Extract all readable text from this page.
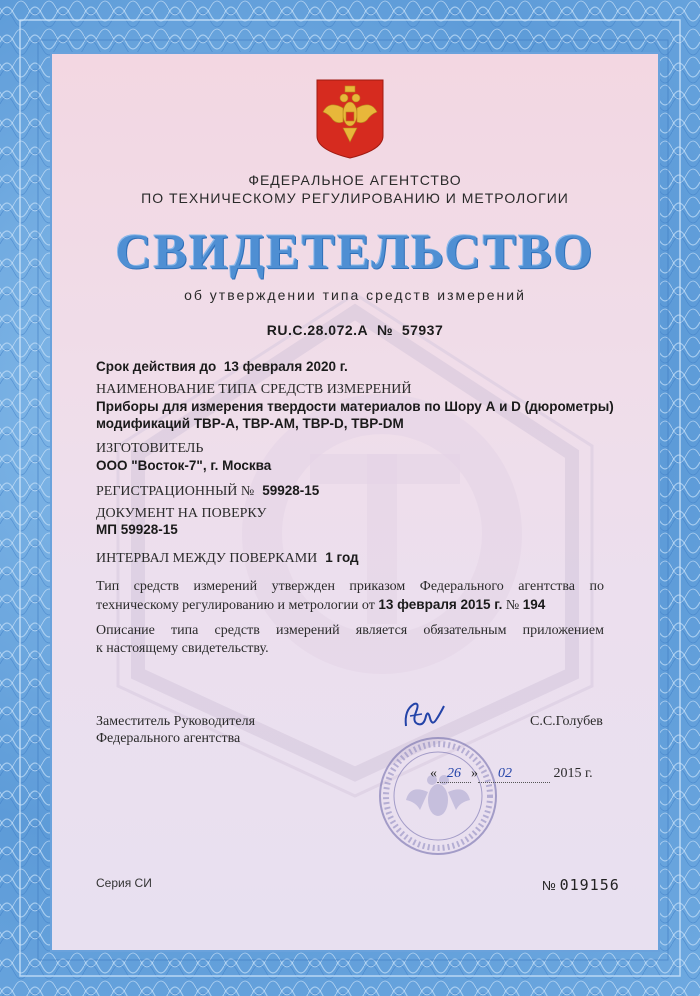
ФЕДЕРАЛЬНОЕ АГЕНТСТВО
ПО ТЕХНИЧЕСКОМУ РЕГУЛИРОВАНИЮ И МЕТРОЛОГИИ
СВИДЕТЕЛЬСТВО
об утверждении типа средств измерений
RU.C.28.072.A № 57937
Срок действия до 13 февраля 2020 г.
НАИМЕНОВАНИЕ ТИПА СРЕДСТВ ИЗМЕРЕНИЙ
Приборы для измерения твердости материалов по Шору А и D (дюрометры)
модификаций ТВР-А, ТВР-АМ, ТВР-D, ТВР-DM
ИЗГОТОВИТЕЛЬ
ООО "Восток-7", г. Москва
РЕГИСТРАЦИОННЫЙ № 59928-15
ДОКУМЕНТ НА ПОВЕРКУ
МП 59928-15
ИНТЕРВАЛ МЕЖДУ ПОВЕРКАМИ 1 год
Тип средств измерений утвержден приказом Федерального агентства по
техническому регулированию и метрологии от 13 февраля 2015 г. № 194
Описание типа средств измерений является обязательным приложением
к настоящему свидетельству.
Заместитель Руководителя
Федерального агентства
С.С.Голубев
« 26 » 02	2015 г.
Серия СИ	№ 019156
